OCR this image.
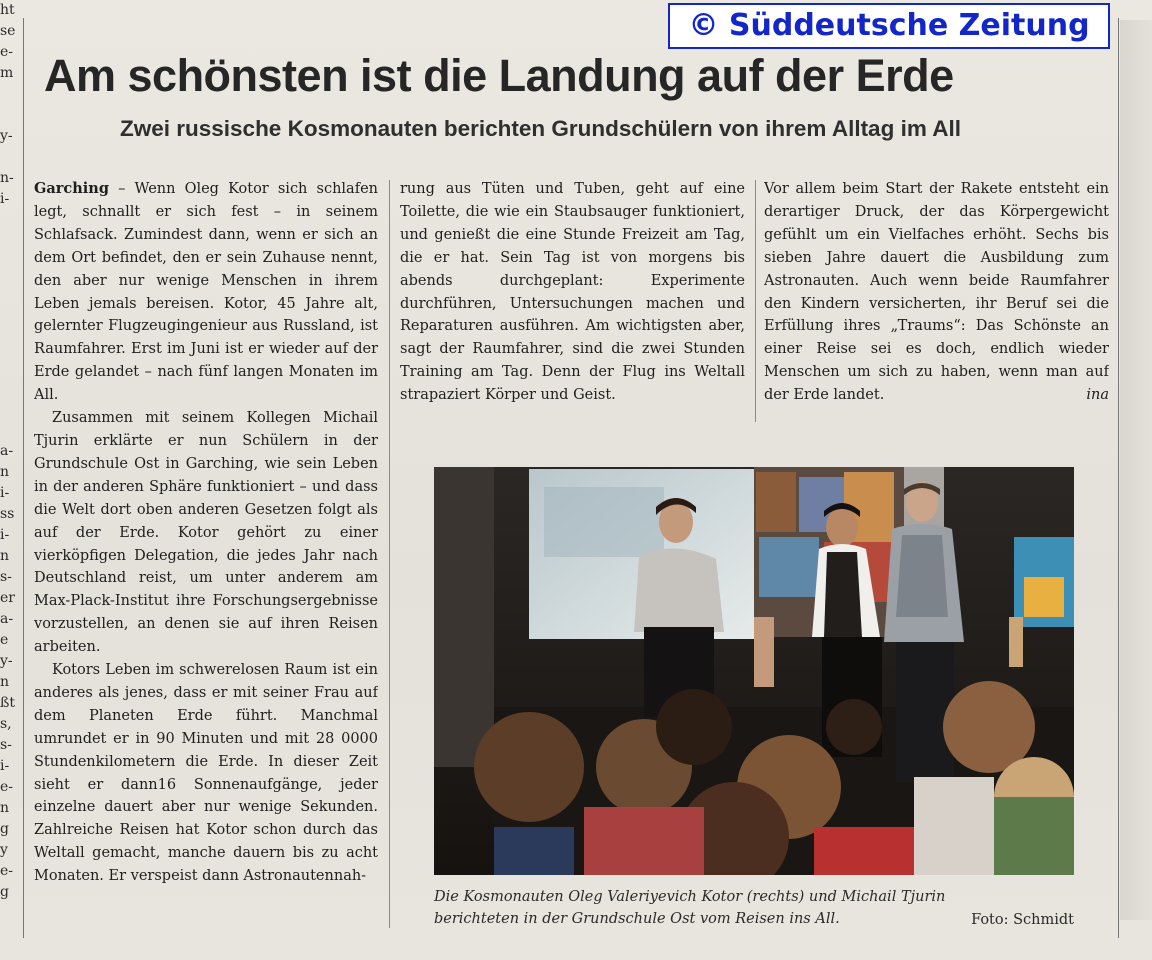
ht
se
e-
m
y-
n-
i-
a-
n
i-
ss
i-
n
s-
er
a-
e
y-
n
ßt
s,
s-
i-
e-
n
g
y
e-
g
© Süddeutsche Zeitung
Am schönsten ist die Landung auf der Erde
Zwei russische Kosmonauten berichten Grundschülern von ihrem Alltag im All

Garching – Wenn Oleg Kotor sich schlafen legt, schnallt er sich fest – in seinem Schlafsack. Zumindest dann, wenn er sich an dem Ort befindet, den er sein Zuhause nennt, den aber nur wenige Menschen in ihrem Leben jemals bereisen. Kotor, 45 Jahre alt, gelernter Flugzeugingenieur aus Russland, ist Raumfahrer. Erst im Juni ist er wieder auf der Erde gelandet – nach fünf langen Monaten im All.

Zusammen mit seinem Kollegen Michail Tjurin erklärte er nun Schülern in der Grundschule Ost in Garching, wie sein Leben in der anderen Sphäre funktioniert – und dass die Welt dort oben anderen Gesetzen folgt als auf der Erde. Kotor gehört zu einer vierköpfigen Delegation, die jedes Jahr nach Deutschland reist, um unter anderem am Max-Plack-Institut ihre Forschungsergebnisse vorzustellen, an denen sie auf ihren Reisen arbeiten.

Kotors Leben im schwerelosen Raum ist ein anderes als jenes, dass er mit seiner Frau auf dem Planeten Erde führt. Manchmal umrundet er in 90 Minuten und mit 28 0000 Stundenkilometern die Erde. In dieser Zeit sieht er dann16 Sonnenaufgänge, jeder einzelne dauert aber nur wenige Sekunden. Zahlreiche Reisen hat Kotor schon durch das Weltall gemacht, manche dauern bis zu acht Monaten. Er verspeist dann Astronautennah-

rung aus Tüten und Tuben, geht auf eine Toilette, die wie ein Staubsauger funktioniert, und genießt die eine Stunde Freizeit am Tag, die er hat. Sein Tag ist von morgens bis abends durchgeplant: Experimente durchführen, Untersuchungen machen und Reparaturen ausführen. Am wichtigsten aber, sagt der Raumfahrer, sind die zwei Stunden Training am Tag. Denn der Flug ins Weltall strapaziert Körper und Geist.

Vor allem beim Start der Rakete entsteht ein derartiger Druck, der das Körpergewicht gefühlt um ein Vielfaches erhöht. Sechs bis sieben Jahre dauert die Ausbildung zum Astronauten. Auch wenn beide Raumfahrer den Kindern versicherten, ihr Beruf sei die Erfüllung ihres „Traums“: Das Schönste an einer Reise sei es doch, endlich wieder Menschen um sich zu haben, wenn man auf der Erde landet.	ina

Die Kosmonauten Oleg Valeriyevich Kotor (rechts) und Michail Tjurin
berichteten in der Grundschule Ost vom Reisen ins All.	Foto: Schmidt
